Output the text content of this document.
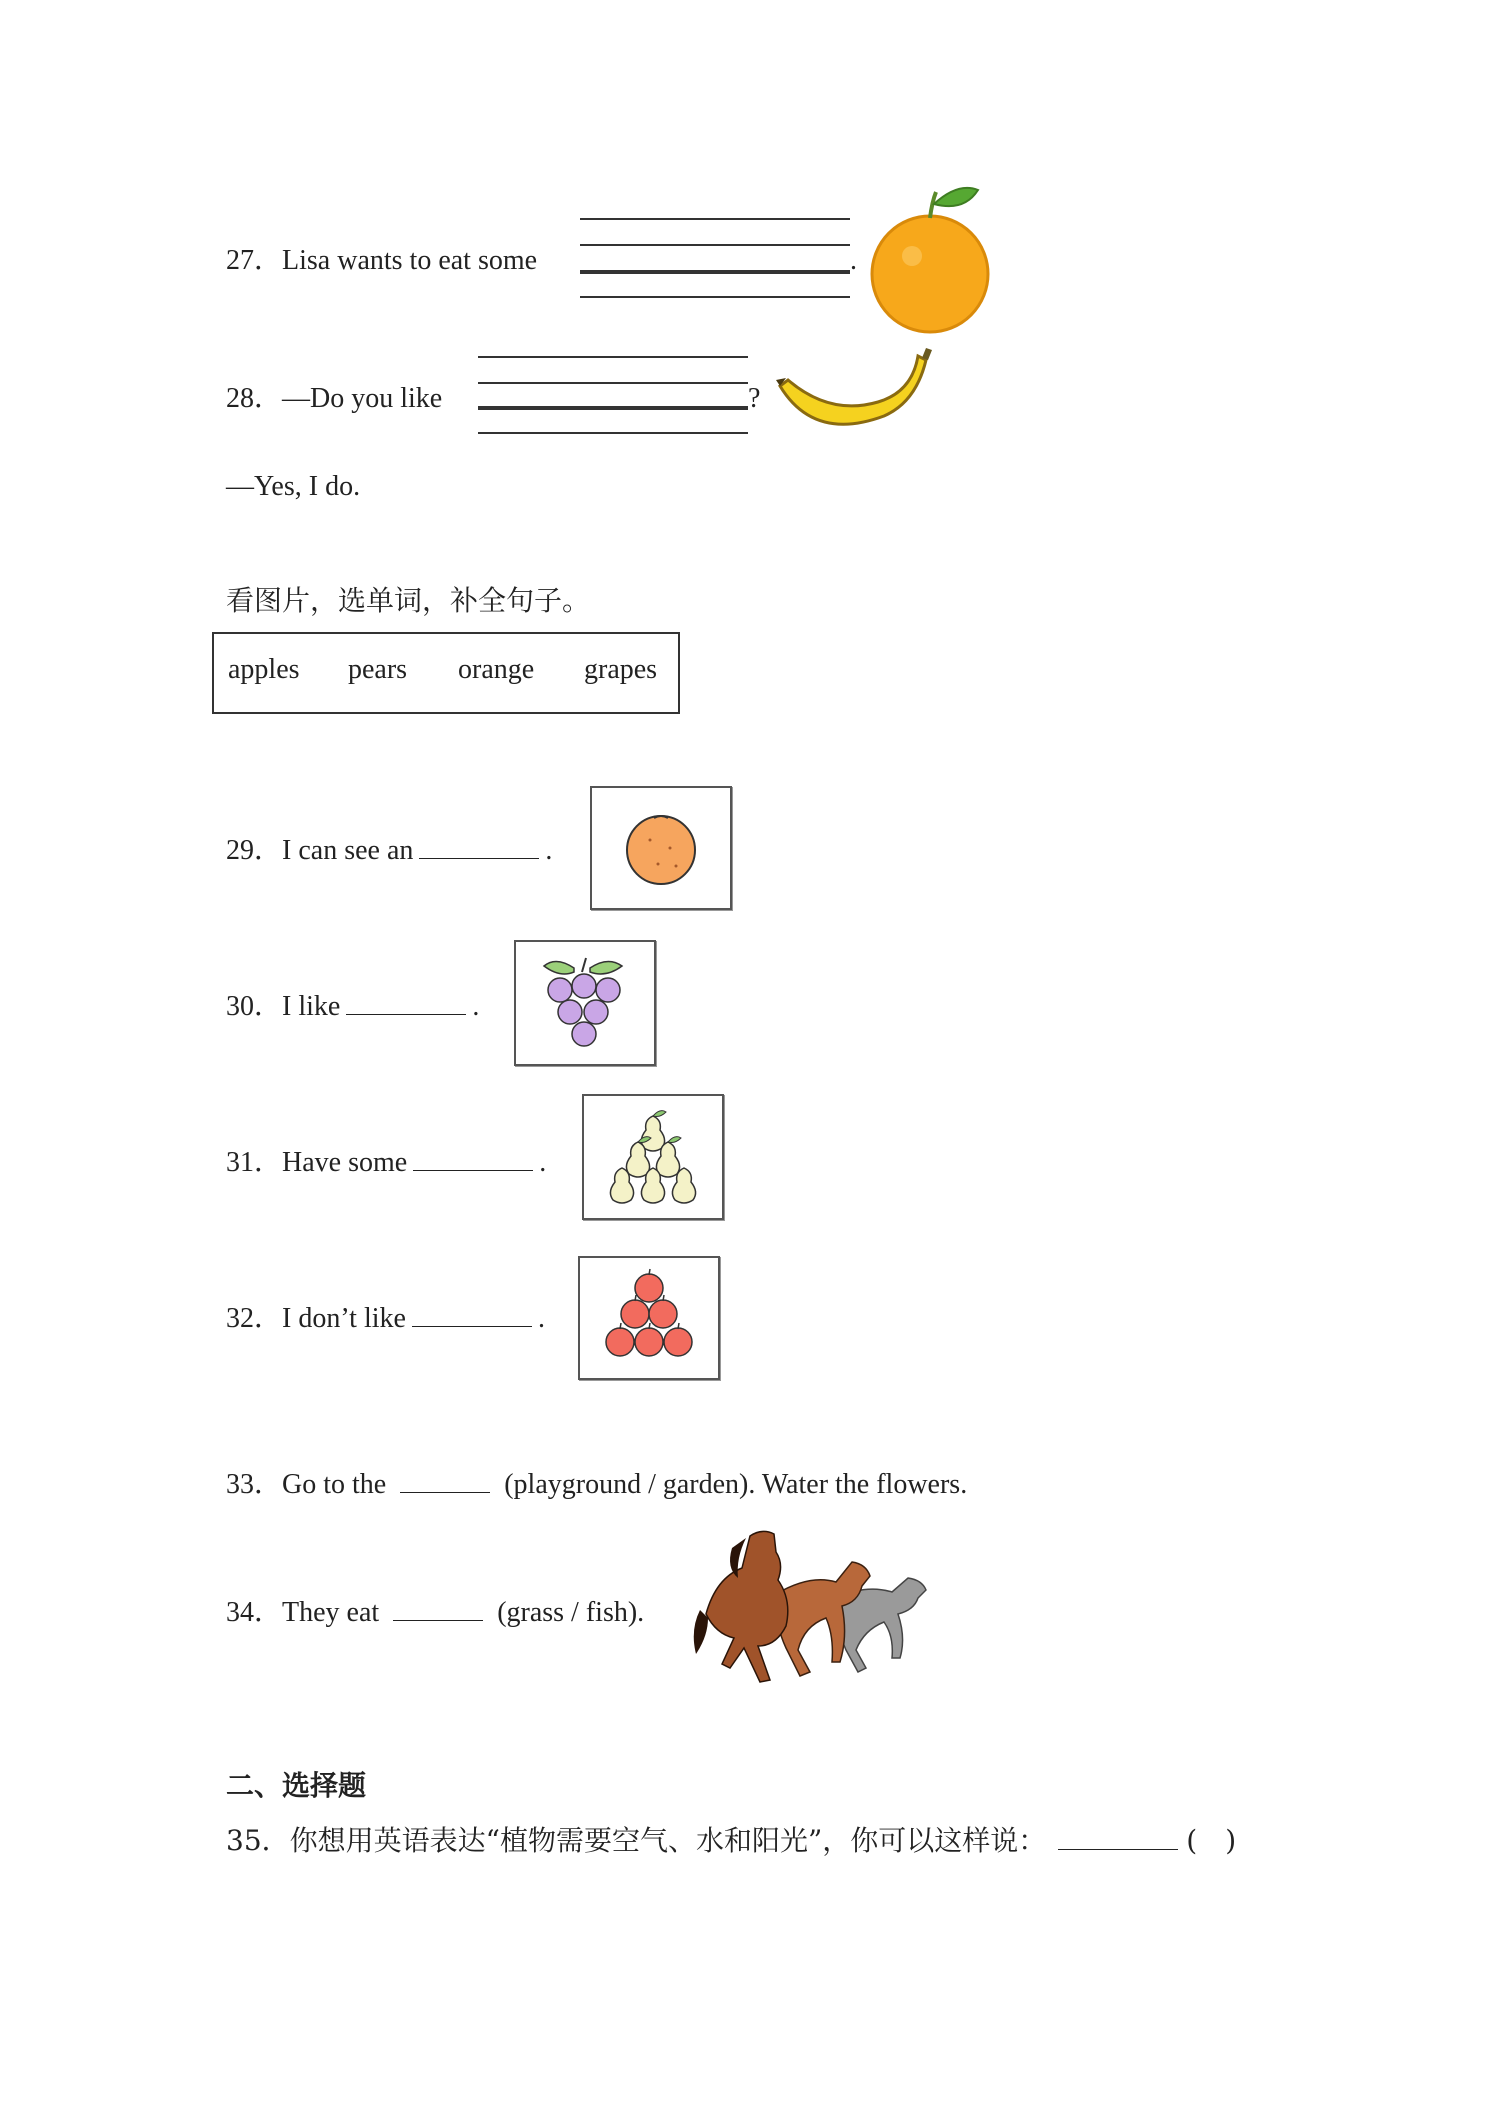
27．Lisa wants to eat some	.
28．—Do you like	?
—Yes, I do.
看图片，选单词，补全句子。
apples pears orange grapes
29．I can see an	.
30．I like	.
31．Have some	.
32．I don’t like	.
33．Go to the	(playground / garden). Water the flowers.
34．They eat	(grass / fish).
二、选择题
35．你想用英语表达“植物需要空气、水和阳光”，你可以这样说：	(　)
